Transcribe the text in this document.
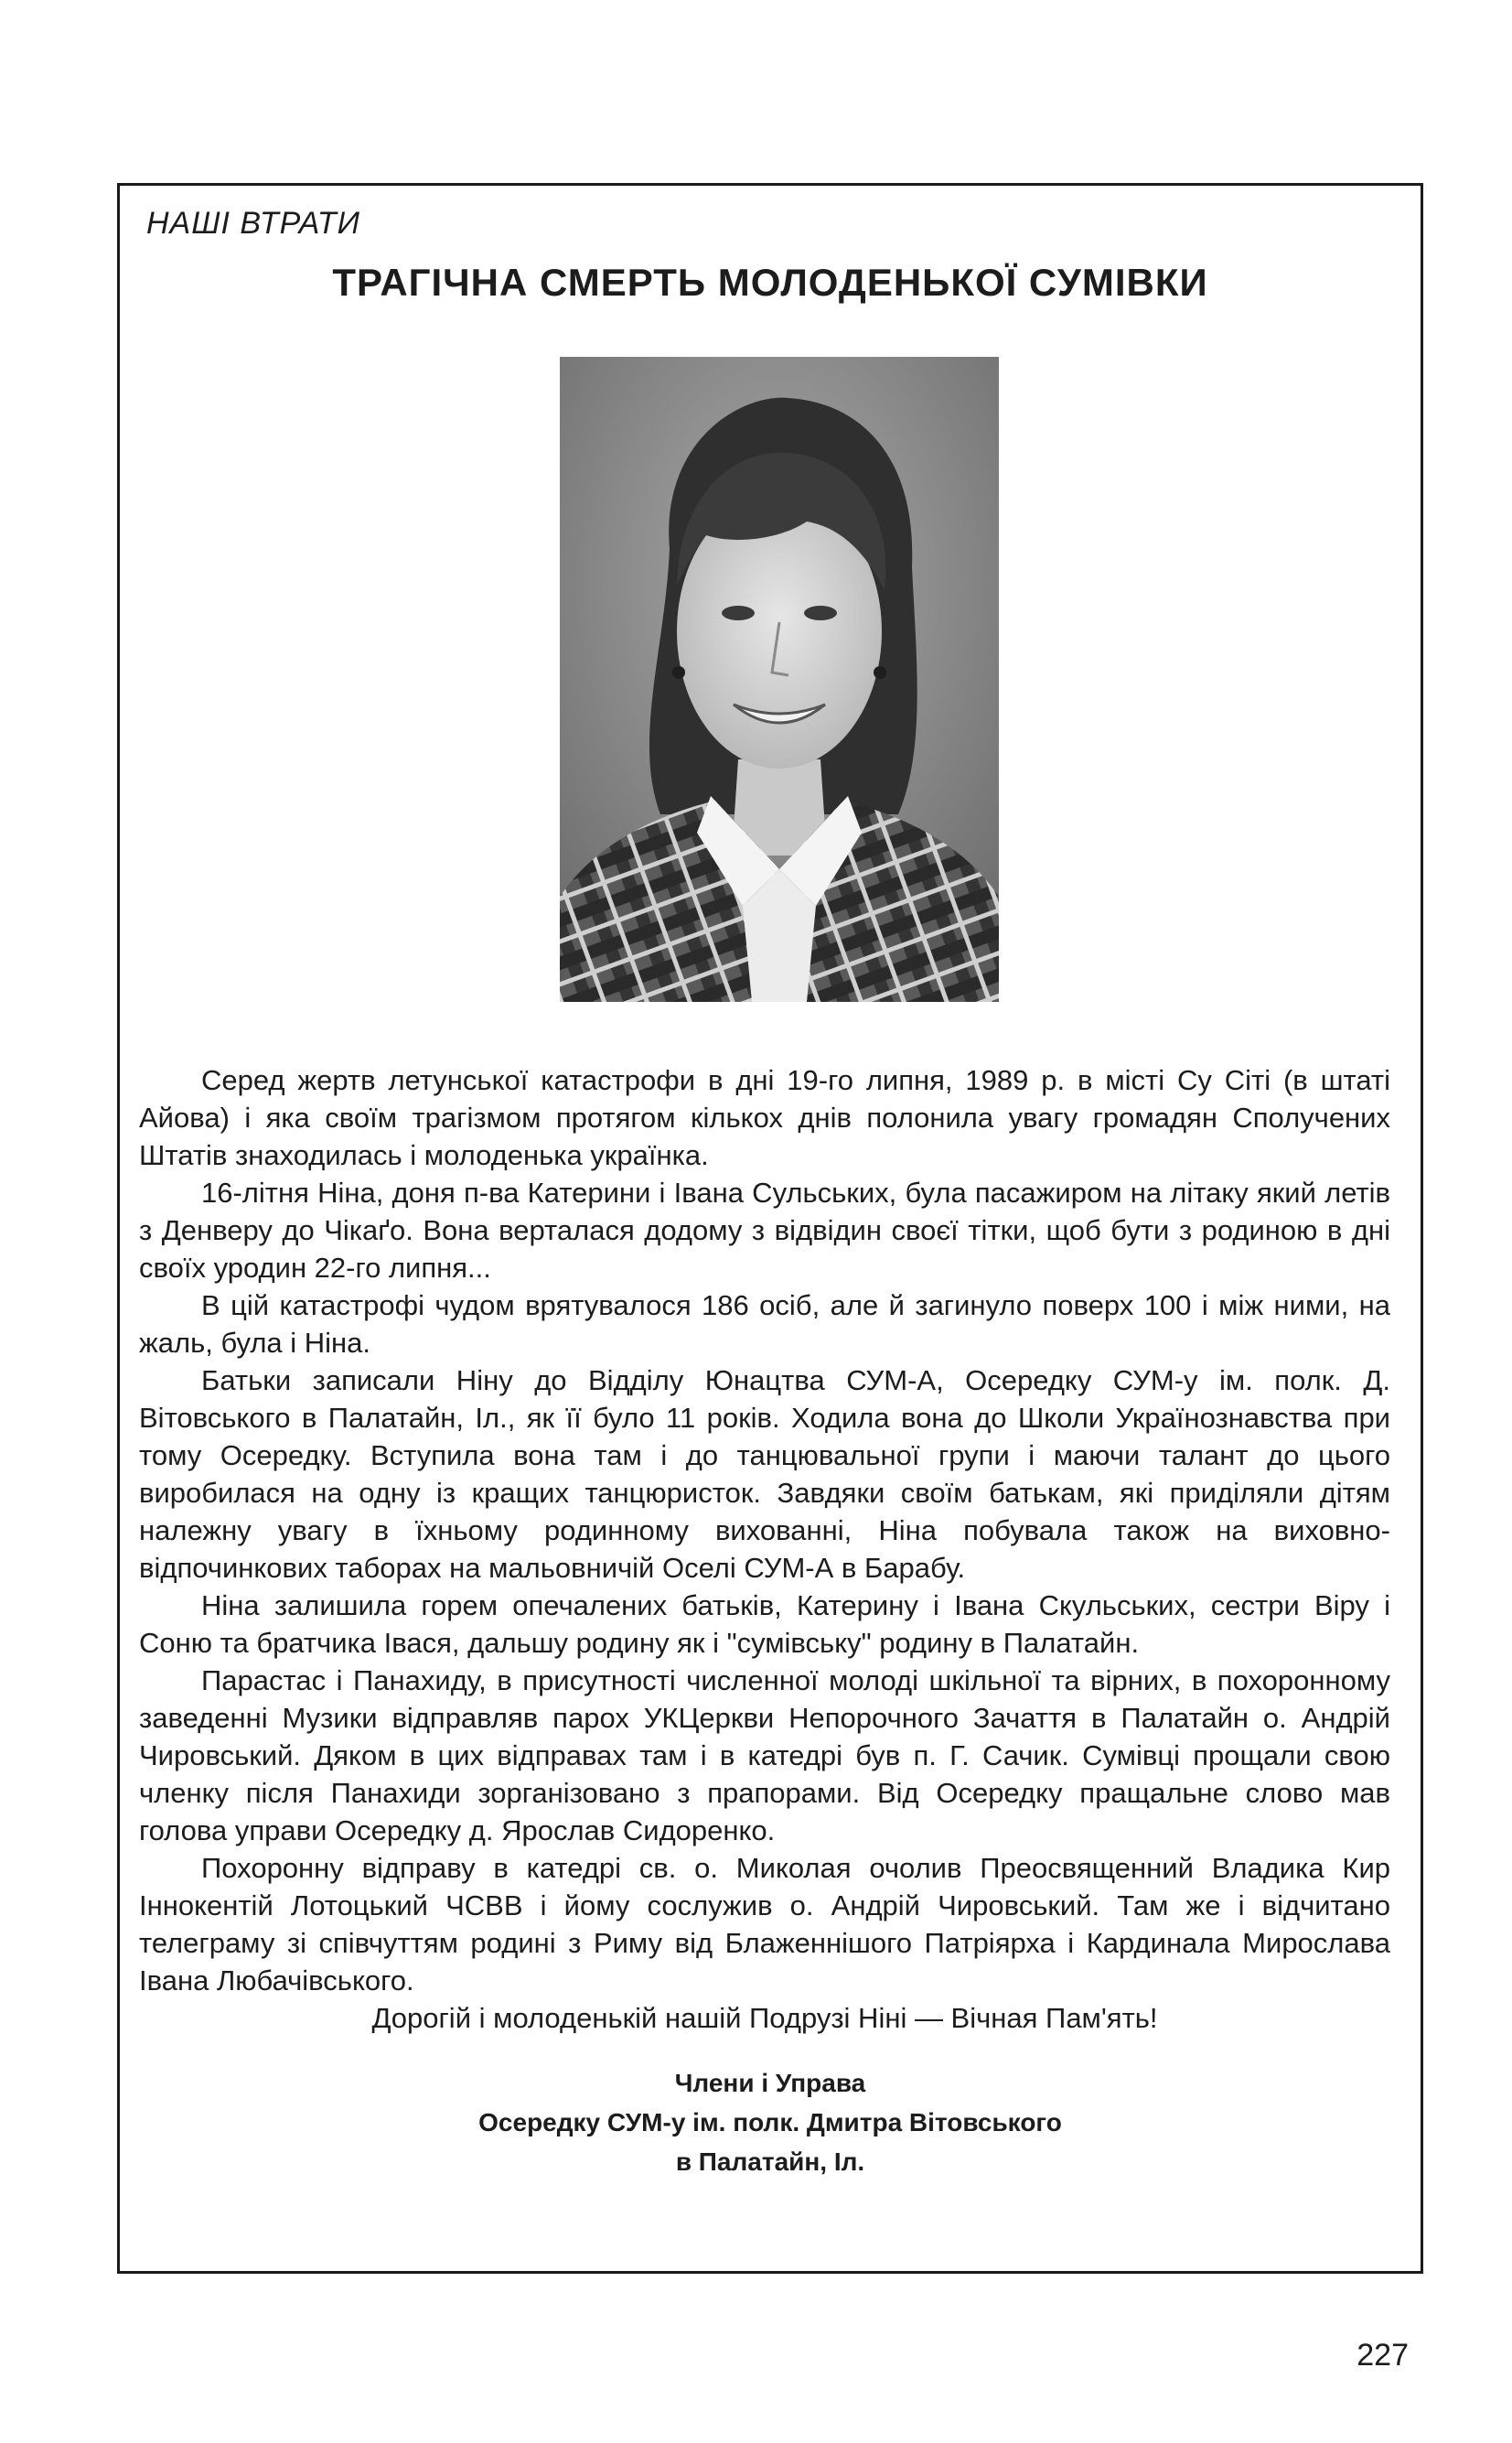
НАШІ ВТРАТИ
ТРАГІЧНА СМЕРТЬ МОЛОДЕНЬКОЇ СУМІВКИ

Серед жертв летунської катастрофи в дні 19-го липня, 1989 р. в місті Су Сіті (в штаті Айова) і яка своїм трагізмом протягом кількох днів полонила увагу громадян Сполучених Штатів знаходилась і молоденька українка.

16-літня Ніна, доня п-ва Катерини і Івана Сульських, була пасажиром на літаку який летів з Денверу до Чікаґо. Вона верталася додому з відвідин своєї тітки, щоб бути з родиною в дні своїх уродин 22-го липня...

В цій катастрофі чудом врятувалося 186 осіб, але й загинуло поверх 100 і між ними, на жаль, була і Ніна.

Батьки записали Ніну до Відділу Юнацтва СУМ-А, Осередку СУМ-у ім. полк. Д. Вітовського в Палатайн, Іл., як її було 11 років. Ходила вона до Школи Українознавства при тому Осередку. Вступила вона там і до танцювальної групи і маючи талант до цього виробилася на одну із кращих танцюристок. Завдяки своїм батькам, які приділяли дітям належну увагу в їхньому родинному вихованні, Ніна побувала також на виховно-відпочинкових таборах на мальовничій Оселі СУМ-А в Барабу.

Ніна залишила горем опечалених батьків, Катерину і Івана Скульських, сестри Віру і Соню та братчика Івася, дальшу родину як і "сумівську" родину в Палатайн.

Парастас і Панахиду, в присутності численної молоді шкільної та вірних, в похоронному заведенні Музики відправляв парох УКЦеркви Непорочного Зачаття в Палатайн о. Андрій Чировський. Дяком в цих відправах там і в катедрі був п. Г. Сачик. Сумівці прощали свою членку після Панахиди зорганізовано з прапорами. Від Осередку пращальне слово мав голова управи Осередку д. Ярослав Сидоренко.

Похоронну відправу в катедрі св. о. Миколая очолив Преосвященний Владика Кир Іннокентій Лотоцький ЧСВВ і йому сослужив о. Андрій Чировський. Там же і відчитано телеграму зі співчуттям родині з Риму від Блаженнішого Патріярха і Кардинала Мирослава Івана Любачівського.

Дорогій і молоденькій нашій Подрузі Ніні — Вічная Пам'ять!

Члени і Управа
Осередку СУМ-у ім. полк. Дмитра Вітовського
в Палатайн, Іл.
227
